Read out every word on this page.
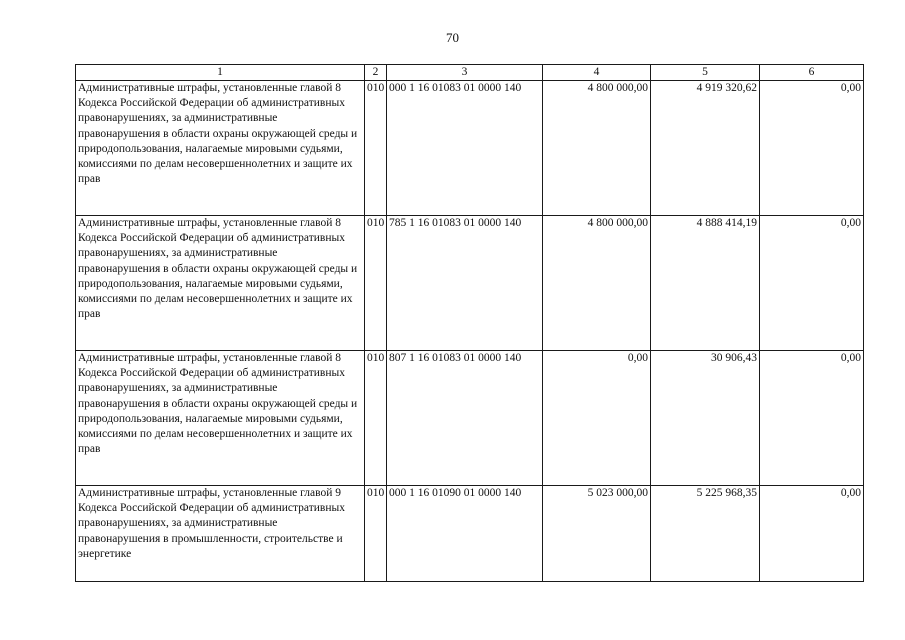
70
1	2	3	4	5	6
Административные штрафы, установленные главой 8 Кодекса Российской Федерации об административных правонарушениях, за административные правонарушения в области охраны окружающей среды и природопользования, налагаемые мировыми судьями, комиссиями по делам несовершеннолетних и защите их прав	010	000 1 16 01083 01 0000 140	4 800 000,00	4 919 320,62	0,00
Административные штрафы, установленные главой 8 Кодекса Российской Федерации об административных правонарушениях, за административные правонарушения в области охраны окружающей среды и природопользования, налагаемые мировыми судьями, комиссиями по делам несовершеннолетних и защите их прав	010	785 1 16 01083 01 0000 140	4 800 000,00	4 888 414,19	0,00
Административные штрафы, установленные главой 8 Кодекса Российской Федерации об административных правонарушениях, за административные правонарушения в области охраны окружающей среды и природопользования, налагаемые мировыми судьями, комиссиями по делам несовершеннолетних и защите их прав	010	807 1 16 01083 01 0000 140	0,00	30 906,43	0,00
Административные штрафы, установленные главой 9 Кодекса Российской Федерации об административных правонарушениях, за административные правонарушения в промышленности, строительстве и энергетике	010	000 1 16 01090 01 0000 140	5 023 000,00	5 225 968,35	0,00
